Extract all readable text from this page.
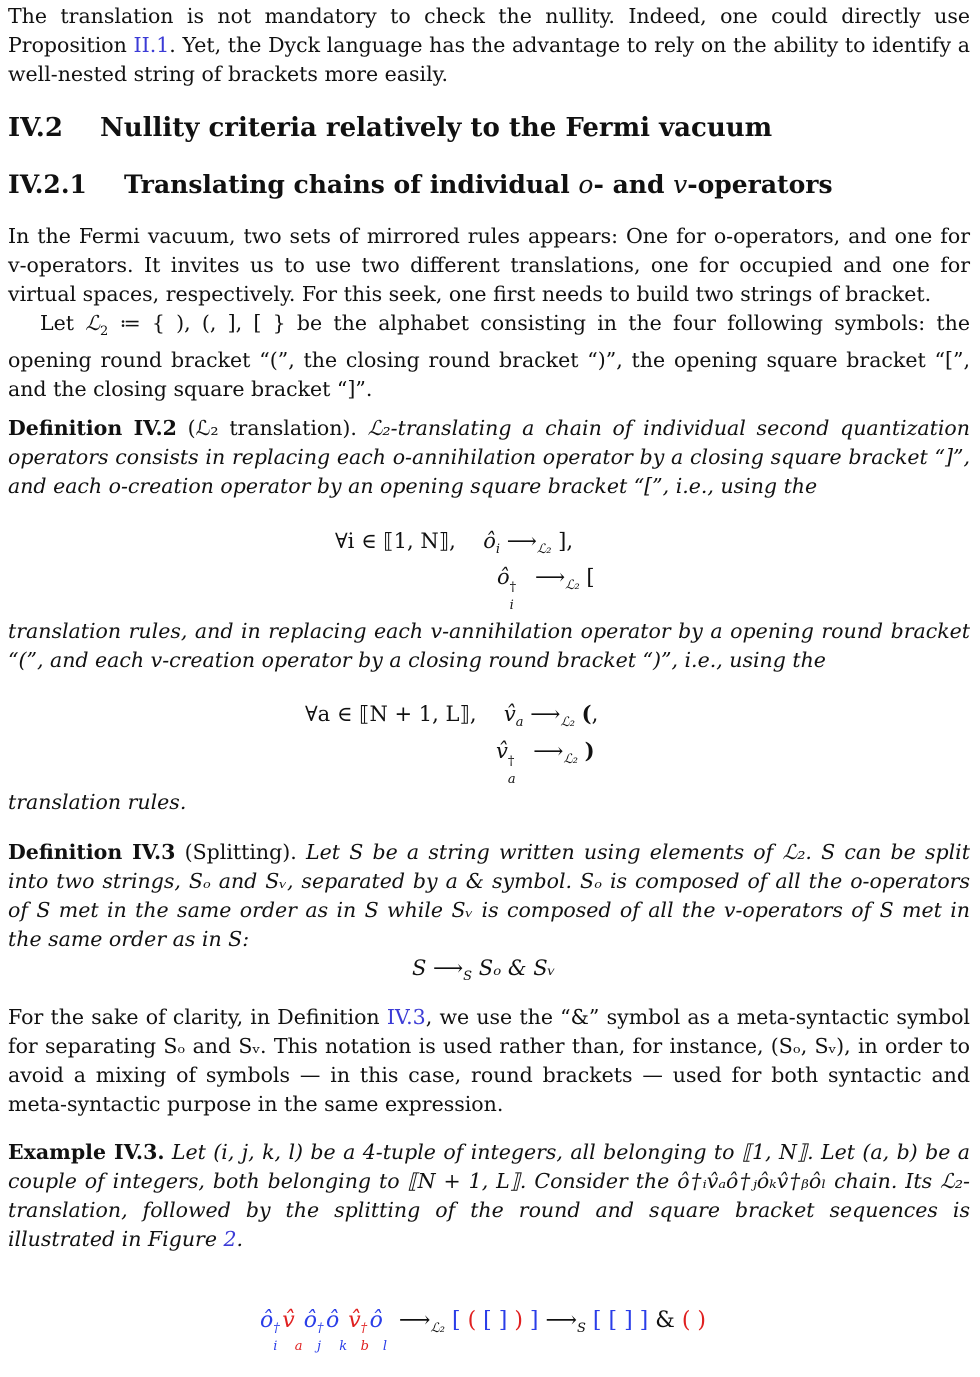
The translation is not mandatory to check the nullity. Indeed, one could directly use Proposition II.1. Yet, the Dyck language has the advantage to rely on the ability to identify a well-nested string of brackets more easily.

IV.2 Nullity criteria relatively to the Fermi vacuum
IV.2.1 Translating chains of individual o- and v-operators

In the Fermi vacuum, two sets of mirrored rules appears: One for o-operators, and one for v-operators. It invites us to use two different translations, one for occupied and one for virtual spaces, respectively. For this seek, one first needs to build two strings of bracket.

Let ℒ$_2$ ≔ { ), (, ], [ } be the alphabet consisting in the four following symbols: the opening round bracket “(”, the closing round bracket “)”, the opening square bracket “[”, and the closing square bracket “]”.

Definition IV.2 (ℒ₂ translation). ℒ₂-translating a chain of individual second quantization operators consists in replacing each o-annihilation operator by a closing square bracket “]”, and each o-creation operator by an opening square bracket “[”, i.e., using the

∀i ∈ ⟦1, N⟧, $ô_i$ $⟶_{ℒ_2}$ ],
ô †
i
$⟶_{ℒ_2}$ [

translation rules, and in replacing each v-annihilation operator by a opening round bracket “(”, and each v-creation operator by a closing round bracket “)”, i.e., using the

∀a ∈ ⟦N + 1, L⟧, $v̂_a$ $⟶_{ℒ_2}$ (,
v̂ †
a
$⟶_{ℒ_2}$ )

translation rules.

Definition IV.3 (Splitting). Let S be a string written using elements of ℒ₂. S can be split into two strings, Sₒ and Sᵥ, separated by a & symbol. Sₒ is composed of all the o-operators of S met in the same order as in S while Sᵥ is composed of all the v-operators of S met in the same order as in S:

S $⟶_S$ Sₒ & Sᵥ

For the sake of clarity, in Definition IV.3, we use the “&” symbol as a meta-syntactic symbol for separating Sₒ and Sᵥ. This notation is used rather than, for instance, (Sₒ, Sᵥ), in order to avoid a mixing of symbols — in this case, round brackets — used for both syntactic and meta-syntactic purpose in the same expression.

Example IV.3. Let (i, j, k, l) be a 4-tuple of integers, all belonging to ⟦1, N⟧. Let (a, b) be a couple of integers, both belonging to ⟦N + 1, L⟧. Consider the ô†ᵢv̂ₐô†ⱼôₖv̂†ᵦôₗ chain. Its ℒ₂-translation, followed by the splitting of the round and square bracket sequences is illustrated in Figure 2.

ô †
i
v̂
a
ô †
j
ô
k
v̂ †
b
ô
l
$⟶_{ℒ_2}$ [ ( [ ] ) ] $⟶_S$ [ [ ] ] & ( )
